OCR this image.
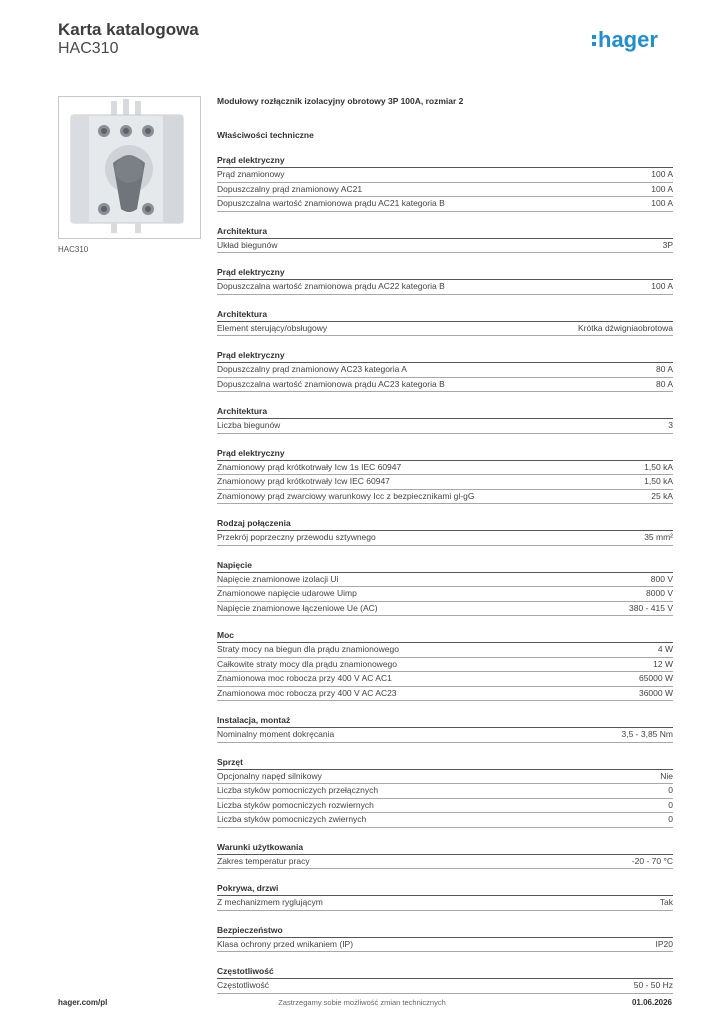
Karta katalogowa
HAC310	hager
HAC310
Modułowy rozłącznik izolacyjny obrotowy 3P 100A, rozmiar 2
Właściwości techniczne
Prąd elektryczny
Prąd znamionowy	100 A
Dopuszczalny prąd znamionowy AC21	100 A
Dopuszczalna wartość znamionowa prądu AC21 kategoria B	100 A
Architektura
Układ biegunów	3P
Prąd elektryczny
Dopuszczalna wartość znamionowa prądu AC22 kategoria B	100 A
Architektura
Element sterujący/obsługowy	Krótka dźwigniaobrotowa
Prąd elektryczny
Dopuszczalny prąd znamionowy AC23 kategoria A	80 A
Dopuszczalna wartość znamionowa prądu AC23 kategoria B	80 A
Architektura
Liczba biegunów	3
Prąd elektryczny
Znamionowy prąd krótkotrwały Icw 1s IEC 60947	1,50 kA
Znamionowy prąd krótkotrwały Icw IEC 60947	1,50 kA
Znamionowy prąd zwarciowy warunkowy Icc z bezpiecznikami gl-gG	25 kA
Rodzaj połączenia
Przekrój poprzeczny przewodu sztywnego	35 mm²
Napięcie
Napięcie znamionowe izolacji Ui	800 V
Znamionowe napięcie udarowe Uimp	8000 V
Napięcie znamionowe łączeniowe Ue (AC)	380 - 415 V
Moc
Straty mocy na biegun dla prądu znamionowego	4 W
Całkowite straty mocy dla prądu znamionowego	12 W
Znamionowa moc robocza przy 400 V AC AC1	65000 W
Znamionowa moc robocza przy 400 V AC AC23	36000 W
Instalacja, montaż
Nominalny moment dokręcania	3,5 - 3,85 Nm
Sprzęt
Opcjonalny napęd silnikowy	Nie
Liczba styków pomocniczych przełącznych	0
Liczba styków pomocniczych rozwiernych	0
Liczba styków pomocniczych zwiernych	0
Warunki użytkowania
Zakres temperatur pracy	-20 - 70 °C
Pokrywa, drzwi
Z mechanizmem ryglującym	Tak
Bezpieczeństwo
Klasa ochrony przed wnikaniem (IP)	IP20
Częstotliwość
Częstotliwość	50 - 50 Hz
hager.com/pl	Zastrzegamy sobie możliwość zmian technicznych	01.06.2026
